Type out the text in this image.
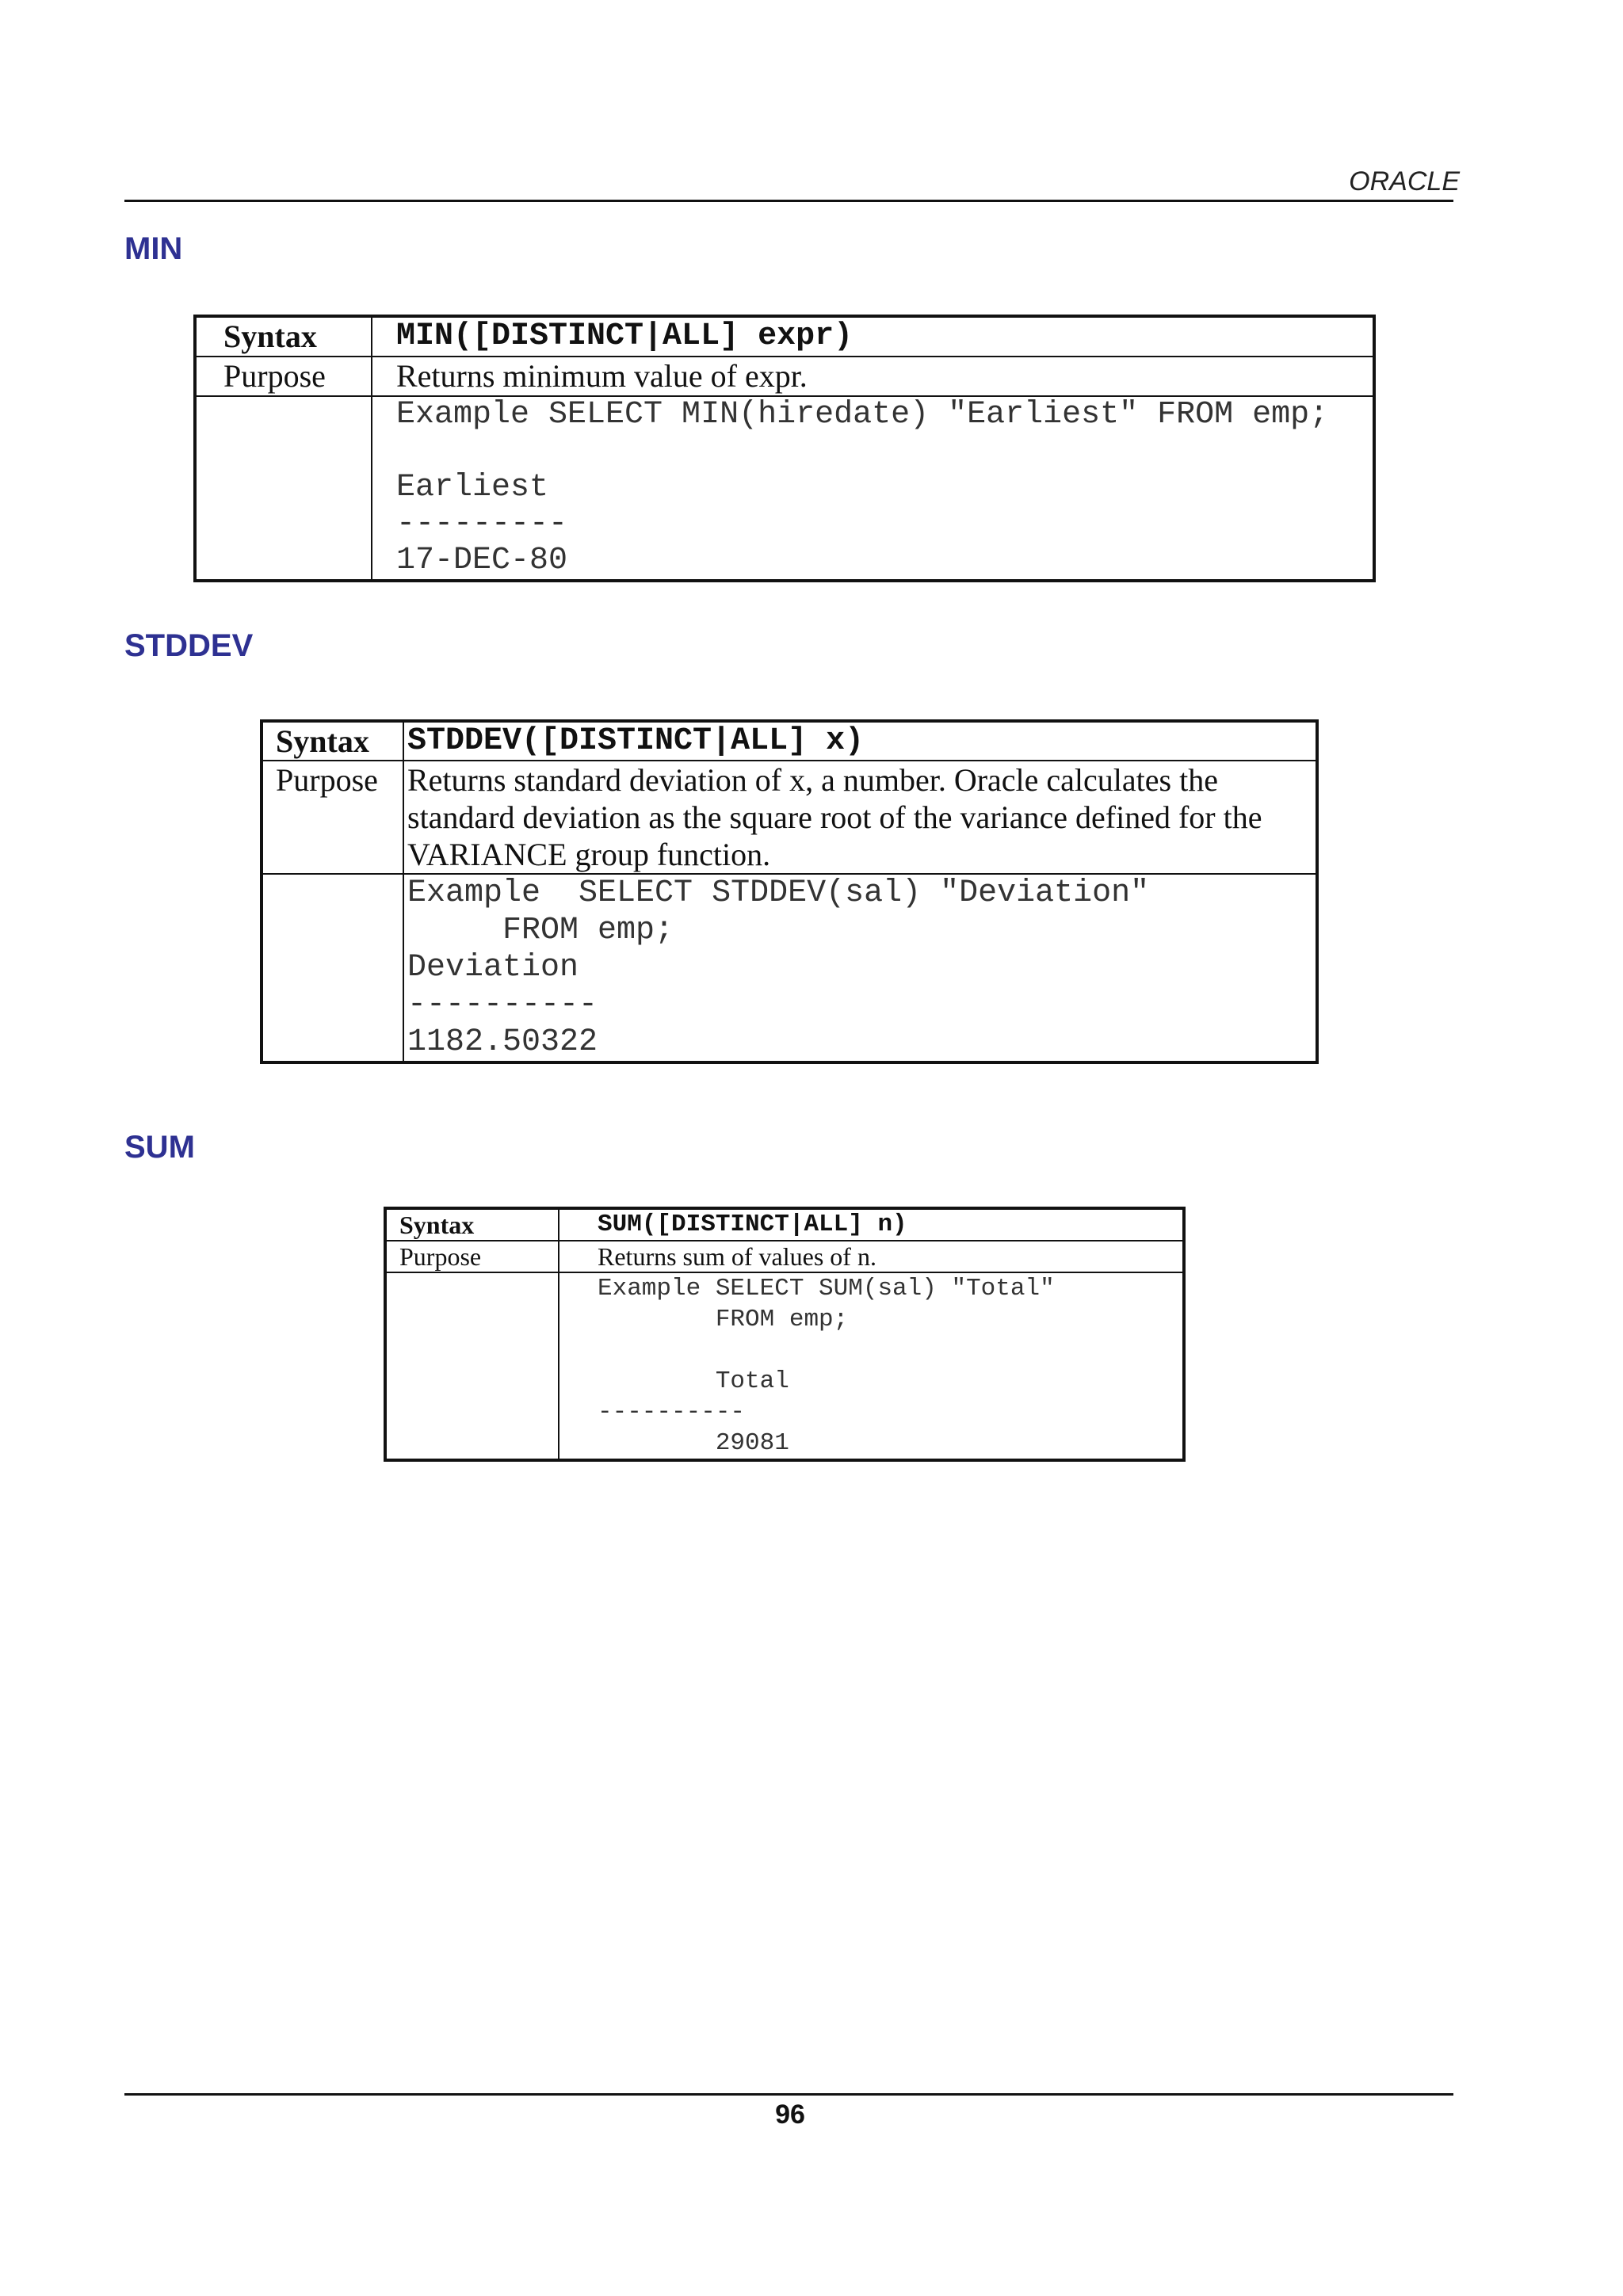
ORACLE
MIN
Syntax	MIN([DISTINCT|ALL] expr)
Purpose	Returns minimum value of expr.
	Example SELECT MIN(hiredate) "Earliest" FROM emp;

Earliest
---------
17-DEC-80
STDDEV
Syntax	STDDEV([DISTINCT|ALL] x)
Purpose	Returns standard deviation of x, a number. Oracle calculates the standard deviation as the square root of the variance defined for the VARIANCE group function.
	Example  SELECT STDDEV(sal) "Deviation"
FROM emp;
Deviation
----------
1182.50322
SUM
Syntax	SUM([DISTINCT|ALL] n)
Purpose	Returns sum of values of n.
	Example SELECT SUM(sal) "Total"
FROM emp;

Total
----------
29081
96
